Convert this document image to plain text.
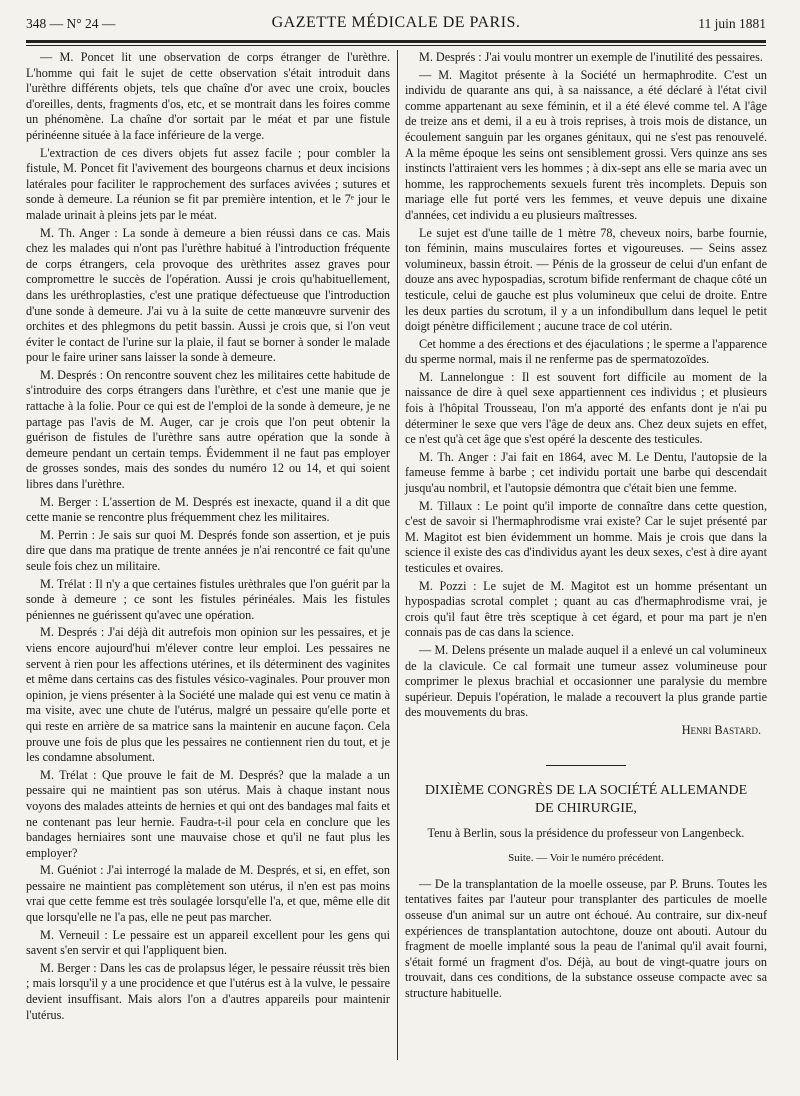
348 — N° 24 —	GAZETTE MÉDICALE DE PARIS.	11 juin 1881

— M. Poncet lit une observation de corps étranger de l'urèthre. L'homme qui fait le sujet de cette observation s'était introduit dans l'urèthre différents objets, tels que chaîne d'or avec une croix, boucles d'oreilles, dents, fragments d'os, etc, et se montrait dans les foires comme un phénomène. La chaîne d'or sortait par le méat et par une fistule périnéenne située à la face inférieure de la verge.

L'extraction de ces divers objets fut assez facile ; pour combler la fistule, M. Poncet fit l'avivement des bourgeons charnus et deux incisions latérales pour faciliter le rapprochement des surfaces avivées ; sutures et sonde à demeure. La réunion se fit par première intention, et le 7ᵉ jour le malade urinait à pleins jets par le méat.

M. Th. Anger : La sonde à demeure a bien réussi dans ce cas. Mais chez les malades qui n'ont pas l'urèthre habitué à l'introduction fréquente de corps étrangers, cela provoque des urèthrites assez graves pour compromettre le succès de l'opération. Aussi je crois qu'habituellement, dans les uréthroplasties, c'est une pratique défectueuse que l'introduction d'une sonde à demeure. J'ai vu à la suite de cette manœuvre survenir des orchites et des phlegmons du petit bassin. Aussi je crois que, si l'on veut éviter le contact de l'urine sur la plaie, il faut se borner à sonder le malade pour le faire uriner sans laisser la sonde à demeure.

M. Després : On rencontre souvent chez les militaires cette habitude de s'introduire des corps étrangers dans l'urèthre, et c'est une manie que je rattache à la folie. Pour ce qui est de l'emploi de la sonde à demeure, je ne partage pas l'avis de M. Auger, car je crois que l'on peut obtenir la guérison de fistules de l'urèthre sans autre opération que la sonde à demeure pendant un certain temps. Évidemment il ne faut pas employer de grosses sondes, mais des sondes du numéro 12 ou 14, et qui soient libres dans l'urèthre.

M. Berger : L'assertion de M. Després est inexacte, quand il a dit que cette manie se rencontre plus fréquemment chez les militaires.

M. Perrin : Je sais sur quoi M. Després fonde son assertion, et je puis dire que dans ma pratique de trente années je n'ai rencontré ce fait qu'une seule fois chez un militaire.

M. Trélat : Il n'y a que certaines fistules urèthrales que l'on guérit par la sonde à demeure ; ce sont les fistules périnéales. Mais les fistules péniennes ne guérissent qu'avec une opération.

M. Després : J'ai déjà dit autrefois mon opinion sur les pessaires, et je viens encore aujourd'hui m'élever contre leur emploi. Les pessaires ne servent à rien pour les affections utérines, et ils déterminent des vaginites et même dans certains cas des fistules vésico-vaginales. Pour prouver mon opinion, je viens présenter à la Société une malade qui est venu ce matin à ma visite, avec une chute de l'utérus, malgré un pessaire qu'elle porte et qui reste en arrière de sa matrice sans la maintenir en aucune façon. Cela prouve une fois de plus que les pessaires ne contiennent rien du tout, et je les condamne absolument.

M. Trélat : Que prouve le fait de M. Després? que la malade a un pessaire qui ne maintient pas son utérus. Mais à chaque instant nous voyons des malades atteints de hernies et qui ont des bandages mal faits et ne contenant pas leur hernie. Faudra-t-il pour cela en conclure que les bandages herniaires sont une mauvaise chose et qu'il ne faut plus les employer?

M. Guéniot : J'ai interrogé la malade de M. Després, et si, en effet, son pessaire ne maintient pas complètement son utérus, il n'en est pas moins vrai que cette femme est très soulagée lorsqu'elle l'a, et que, même elle dit que lorsqu'elle ne l'a pas, elle ne peut pas marcher.

M. Verneuil : Le pessaire est un appareil excellent pour les gens qui savent s'en servir et qui l'appliquent bien.

M. Berger : Dans les cas de prolapsus léger, le pessaire réussit très bien ; mais lorsqu'il y a une procidence et que l'utérus est à la vulve, le pessaire devient insuffisant. Mais alors l'on a d'autres appareils pour maintenir l'utérus.

M. Després : J'ai voulu montrer un exemple de l'inutilité des pessaires.

— M. Magitot présente à la Société un hermaphrodite. C'est un individu de quarante ans qui, à sa naissance, a été déclaré à l'état civil comme appartenant au sexe féminin, et il a été élevé comme tel. A l'âge de treize ans et demi, il a eu à trois reprises, à trois mois de distance, un écoulement sanguin par les organes génitaux, qui ne s'est pas renouvelé. A la même époque les seins ont sensiblement grossi. Vers quinze ans ses instincts l'attiraient vers les hommes ; à dix-sept ans elle se maria avec un homme, les rapprochements sexuels furent très incomplets. Depuis son mariage elle fut porté vers les femmes, et veuve depuis une dixaine d'années, cet individu a eu plusieurs maîtresses.

Le sujet est d'une taille de 1 mètre 78, cheveux noirs, barbe fournie, ton féminin, mains musculaires fortes et vigoureuses. — Seins assez volumineux, bassin étroit. — Pénis de la grosseur de celui d'un enfant de douze ans avec hypospadias, scrotum bifide renfermant de chaque côté un testicule, celui de gauche est plus volumineux que celui de droite. Entre les deux parties du scrotum, il y a un infondibullum dans lequel le petit doigt pénètre difficilement ; aucune trace de col utérin.

Cet homme a des érections et des éjaculations ; le sperme a l'apparence du sperme normal, mais il ne renferme pas de spermatozoïdes.

M. Lannelongue : Il est souvent fort difficile au moment de la naissance de dire à quel sexe appartiennent ces individus ; et plusieurs fois à l'hôpital Trousseau, l'on m'a apporté des enfants dont je n'ai pu déterminer le sexe que vers l'âge de deux ans. Chez deux sujets en effet, ce n'est qu'à cet âge que s'est opéré la descente des testicules.

M. Th. Anger : J'ai fait en 1864, avec M. Le Dentu, l'autopsie de la fameuse femme à barbe ; cet individu portait une barbe qui descendait jusqu'au nombril, et l'autopsie démontra que c'était bien une femme.

M. Tillaux : Le point qu'il importe de connaître dans cette question, c'est de savoir si l'hermaphrodisme vrai existe? Car le sujet présenté par M. Magitot est bien évidemment un homme. Mais je crois que dans la science il existe des cas d'individus ayant les deux sexes, c'est à dire ayant testicules et ovaires.

M. Pozzi : Le sujet de M. Magitot est un homme présentant un hypospadias scrotal complet ; quant au cas d'hermaphrodisme vrai, je crois qu'il faut être très sceptique à cet égard, et pour ma part je n'en connais pas de cas dans la science.

— M. Delens présente un malade auquel il a enlevé un cal volumineux de la clavicule. Ce cal formait une tumeur assez volumineuse pour comprimer le plexus brachial et occasionner une paralysie du membre supérieur. Depuis l'opération, le malade a recouvert la plus grande partie des mouvements du bras.

Henri Bastard.
DIXIÈME CONGRÈS DE LA SOCIÉTÉ ALLEMANDE
DE CHIRURGIE,
Tenu à Berlin, sous la présidence du professeur von Langenbeck.
Suite. — Voir le numéro précédent.

— De la transplantation de la moelle osseuse, par P. Bruns. Toutes les tentatives faites par l'auteur pour transplanter des particules de moelle osseuse d'un animal sur un autre ont échoué. Au contraire, sur dix-neuf expériences de transplantation autochtone, douze ont abouti. Autour du fragment de moelle implanté sous la peau de l'animal qu'il avait fourni, s'était formé un fragment d'os. Déjà, au bout de vingt-quatre jours on trouvait, dans ces conditions, de la substance osseuse compacte avec sa structure habituelle.
